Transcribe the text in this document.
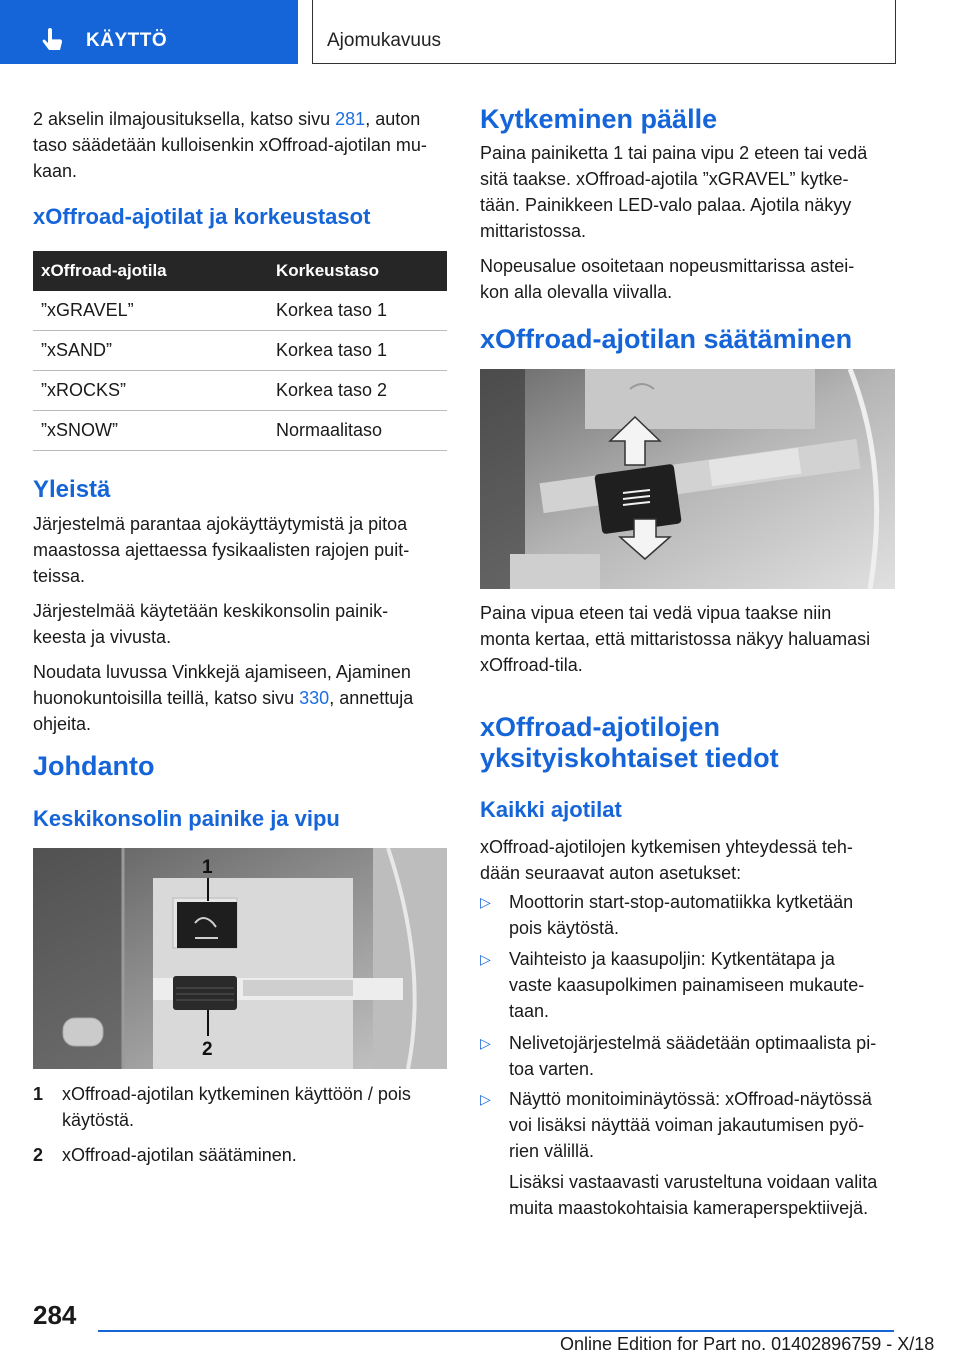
KÄYTTÖ	Ajomukavuus

2 akselin ilmajousituksella, katso sivu 281, auton

taso säädetään kulloisenkin xOffroad-ajotilan mu-

kaan.

xOffroad-ajotilat ja korkeustasot
xOffroad-ajotila	Korkeustaso
”xGRAVEL”	Korkea taso 1
”xSAND”	Korkea taso 1
”xROCKS”	Korkea taso 2
”xSNOW”	Normaalitaso
Yleistä

Järjestelmä parantaa ajokäyttäytymistä ja pitoa

maastossa ajettaessa fysikaalisten rajojen puit-

teissa.

Järjestelmää käytetään keskikonsolin painik-

keesta ja vivusta.

Noudata luvussa Vinkkejä ajamiseen, Ajaminen

huonokuntoisilla teillä, katso sivu 330, annettuja

ohjeita.

Johdanto
Keskikonsolin painike ja vipu
1
2
1 xOffroad-ajotilan kytkeminen käyttöön / pois
käytöstä.
2 xOffroad-ajotilan säätäminen.
Kytkeminen päälle

Paina painiketta 1 tai paina vipu 2 eteen tai vedä

sitä taakse. xOffroad-ajotila ”xGRAVEL” kytke-

tään. Painikkeen LED-valo palaa. Ajotila näkyy

mittaristossa.

Nopeusalue osoitetaan nopeusmittarissa astei-

kon alla olevalla viivalla.

xOffroad-ajotilan säätäminen

Paina vipua eteen tai vedä vipua taakse niin

monta kertaa, että mittaristossa näkyy haluamasi

xOffroad-tila.

xOffroad-ajotilojen
yksityiskohtaiset tiedot
Kaikki ajotilat

xOffroad-ajotilojen kytkemisen yhteydessä teh-

dään seuraavat auton asetukset:

▷ Moottorin start-stop-automatiikka kytketään
pois käytöstä.
▷ Vaihteisto ja kaasupoljin: Kytkentätapa ja
vaste kaasupolkimen painamiseen mukaute-
taan.
▷ Nelivetojärjestelmä säädetään optimaalista pi-
toa varten.
▷ Näyttö monitoiminäytössä: xOffroad-näytössä
voi lisäksi näyttää voiman jakautumisen pyö-
rien välillä.

Lisäksi vastaavasti varusteltuna voidaan valita

muita maastokohtaisia kameraperspektiivejä.

284
Online Edition for Part no. 01402896759 - X/18
